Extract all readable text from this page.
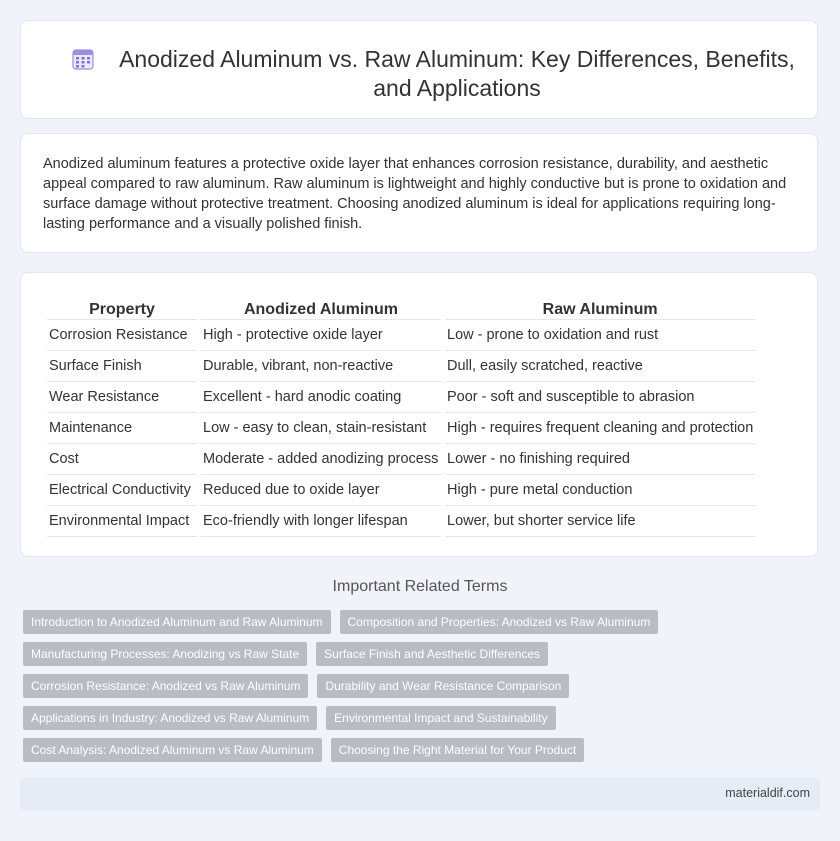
Anodized Aluminum vs. Raw Aluminum: Key Differences, Benefits, and Applications
Anodized aluminum features a protective oxide layer that enhances corrosion resistance, durability, and aesthetic appeal compared to raw aluminum. Raw aluminum is lightweight and highly conductive but is prone to oxidation and surface damage without protective treatment. Choosing anodized aluminum is ideal for applications requiring long-lasting performance and a visually polished finish.
Property	Anodized Aluminum	Raw Aluminum
Corrosion Resistance	High - protective oxide layer	Low - prone to oxidation and rust
Surface Finish	Durable, vibrant, non-reactive	Dull, easily scratched, reactive
Wear Resistance	Excellent - hard anodic coating	Poor - soft and susceptible to abrasion
Maintenance	Low - easy to clean, stain-resistant	High - requires frequent cleaning and protection
Cost	Moderate - added anodizing process	Lower - no finishing required
Electrical Conductivity	Reduced due to oxide layer	High - pure metal conduction
Environmental Impact	Eco-friendly with longer lifespan	Lower, but shorter service life
Important Related Terms
Introduction to Anodized Aluminum and Raw Aluminum	Composition and Properties: Anodized vs Raw Aluminum
Manufacturing Processes: Anodizing vs Raw State	Surface Finish and Aesthetic Differences
Corrosion Resistance: Anodized vs Raw Aluminum	Durability and Wear Resistance Comparison
Applications in Industry: Anodized vs Raw Aluminum	Environmental Impact and Sustainability
Cost Analysis: Anodized Aluminum vs Raw Aluminum	Choosing the Right Material for Your Product
materialdif.com
